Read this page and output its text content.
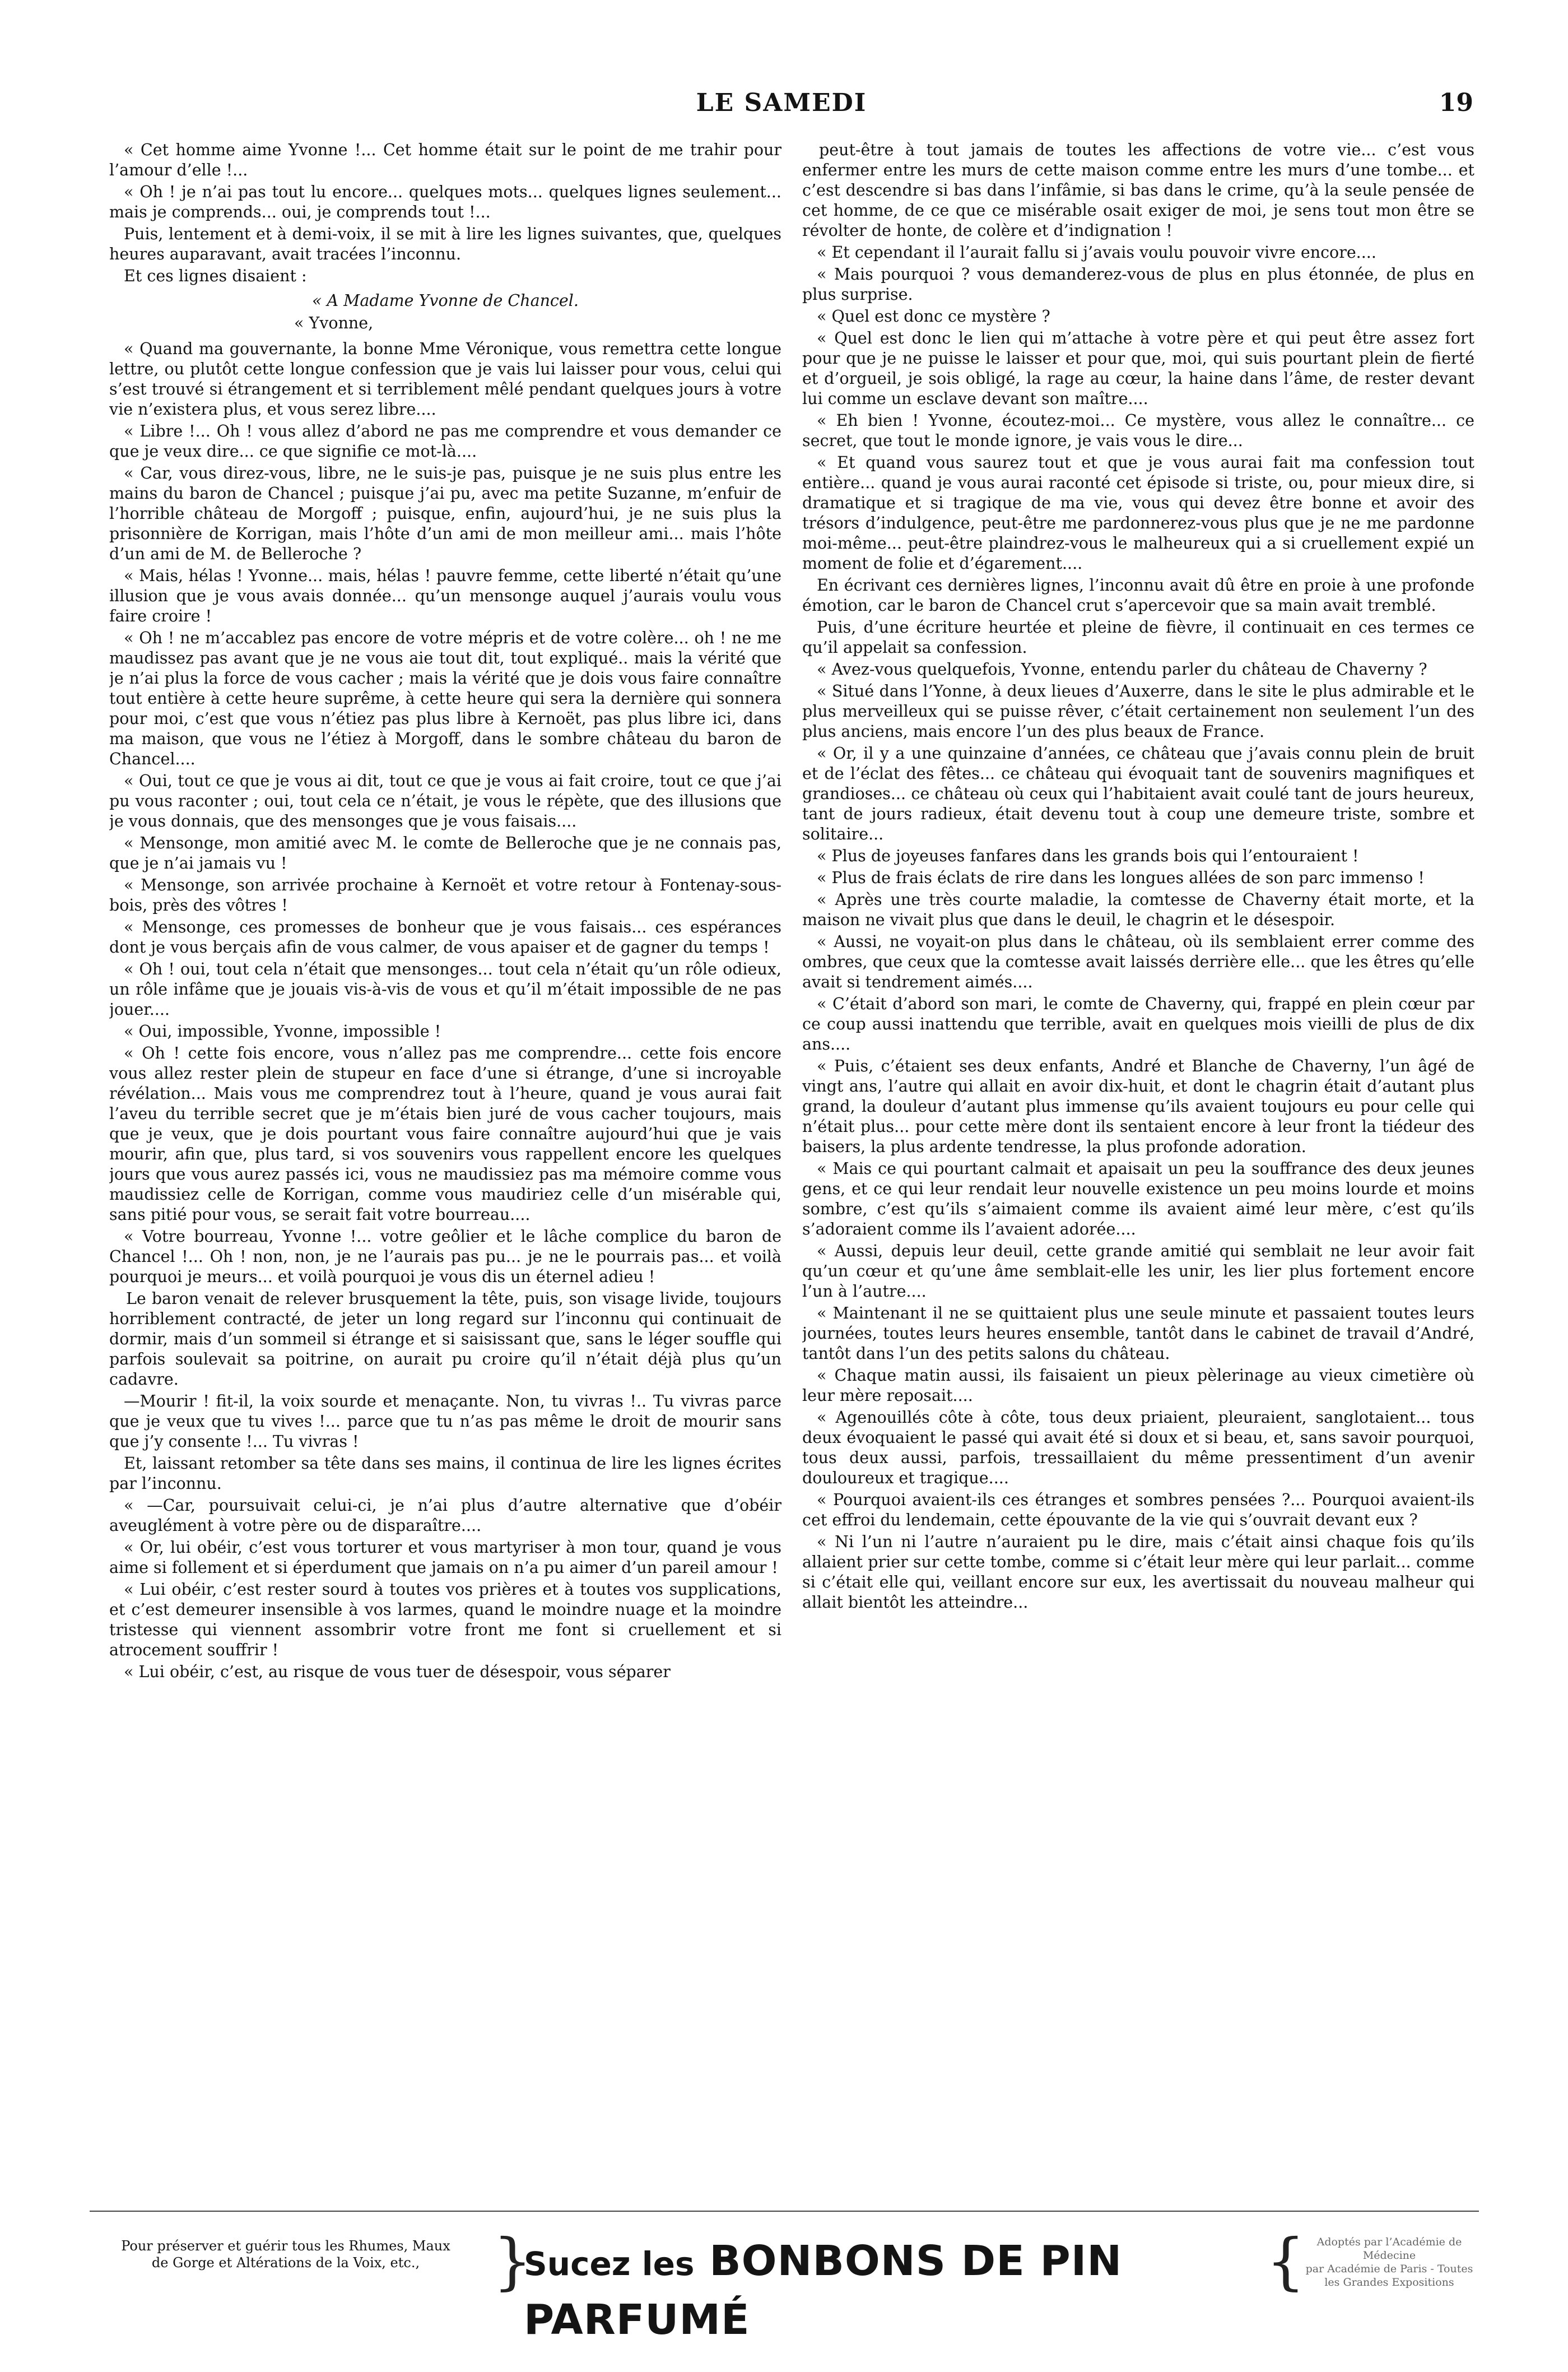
LE SAMEDI	19

« Cet homme aime Yvonne !... Cet homme était sur le point de me trahir pour l’amour d’elle !...

« Oh ! je n’ai pas tout lu encore... quelques mots... quelques lignes seulement... mais je comprends... oui, je comprends tout !...

Puis, lentement et à demi-voix, il se mit à lire les lignes suivantes, que, quelques heures auparavant, avait tracées l’inconnu.

Et ces lignes disaient :

« A Madame Yvonne de Chancel.

« Yvonne,

« Quand ma gouvernante, la bonne Mme Véronique, vous remettra cette longue lettre, ou plutôt cette longue confession que je vais lui laisser pour vous, celui qui s’est trouvé si étrangement et si terriblement mêlé pendant quelques jours à votre vie n’existera plus, et vous serez libre....

« Libre !... Oh ! vous allez d’abord ne pas me comprendre et vous demander ce que je veux dire... ce que signifie ce mot-là....

« Car, vous direz-vous, libre, ne le suis-je pas, puisque je ne suis plus entre les mains du baron de Chancel ; puisque j’ai pu, avec ma petite Suzanne, m’enfuir de l’horrible château de Morgoff ; puisque, enfin, aujourd’hui, je ne suis plus la prisonnière de Korrigan, mais l’hôte d’un ami de mon meilleur ami... mais l’hôte d’un ami de M. de Belleroche ?

« Mais, hélas ! Yvonne... mais, hélas ! pauvre femme, cette liberté n’était qu’une illusion que je vous avais donnée... qu’un mensonge auquel j’aurais voulu vous faire croire !

« Oh ! ne m’accablez pas encore de votre mépris et de votre colère... oh ! ne me maudissez pas avant que je ne vous aie tout dit, tout expliqué.. mais la vérité que je n’ai plus la force de vous cacher ; mais la vérité que je dois vous faire connaître tout entière à cette heure suprême, à cette heure qui sera la dernière qui sonnera pour moi, c’est que vous n’étiez pas plus libre à Kernoët, pas plus libre ici, dans ma maison, que vous ne l’étiez à Morgoff, dans le sombre château du baron de Chancel....

« Oui, tout ce que je vous ai dit, tout ce que je vous ai fait croire, tout ce que j’ai pu vous raconter ; oui, tout cela ce n’était, je vous le répète, que des illusions que je vous donnais, que des mensonges que je vous faisais....

« Mensonge, mon amitié avec M. le comte de Belleroche que je ne connais pas, que je n’ai jamais vu !

« Mensonge, son arrivée prochaine à Kernoët et votre retour à Fontenay-sous-bois, près des vôtres !

« Mensonge, ces promesses de bonheur que je vous faisais... ces espérances dont je vous berçais afin de vous calmer, de vous apaiser et de gagner du temps !

« Oh ! oui, tout cela n’était que mensonges... tout cela n’était qu’un rôle odieux, un rôle infâme que je jouais vis-à-vis de vous et qu’il m’était impossible de ne pas jouer....

« Oui, impossible, Yvonne, impossible !

« Oh ! cette fois encore, vous n’allez pas me comprendre... cette fois encore vous allez rester plein de stupeur en face d’une si étrange, d’une si incroyable révélation... Mais vous me comprendrez tout à l’heure, quand je vous aurai fait l’aveu du terrible secret que je m’étais bien juré de vous cacher toujours, mais que je veux, que je dois pourtant vous faire connaître aujourd’hui que je vais mourir, afin que, plus tard, si vos souvenirs vous rappellent encore les quelques jours que vous aurez passés ici, vous ne maudissiez pas ma mémoire comme vous maudissiez celle de Korrigan, comme vous maudiriez celle d’un misérable qui, sans pitié pour vous, se serait fait votre bourreau....

« Votre bourreau, Yvonne !... votre geôlier et le lâche complice du baron de Chancel !... Oh ! non, non, je ne l’aurais pas pu... je ne le pourrais pas... et voilà pourquoi je meurs... et voilà pourquoi je vous dis un éternel adieu !

Le baron venait de relever brusquement la tête, puis, son visage livide, toujours horriblement contracté, de jeter un long regard sur l’inconnu qui continuait de dormir, mais d’un sommeil si étrange et si saisissant que, sans le léger souffle qui parfois soulevait sa poitrine, on aurait pu croire qu’il n’était déjà plus qu’un cadavre.

—Mourir ! fit-il, la voix sourde et menaçante. Non, tu vivras !.. Tu vivras parce que je veux que tu vives !... parce que tu n’as pas même le droit de mourir sans que j’y consente !... Tu vivras !

Et, laissant retomber sa tête dans ses mains, il continua de lire les lignes écrites par l’inconnu.

« —Car, poursuivait celui-ci, je n’ai plus d’autre alternative que d’obéir aveuglément à votre père ou de disparaître....

« Or, lui obéir, c’est vous torturer et vous martyriser à mon tour, quand je vous aime si follement et si éperdument que jamais on n’a pu aimer d’un pareil amour !

« Lui obéir, c’est rester sourd à toutes vos prières et à toutes vos supplications, et c’est demeurer insensible à vos larmes, quand le moindre nuage et la moindre tristesse qui viennent assombrir votre front me font si cruellement et si atrocement souffrir !

« Lui obéir, c’est, au risque de vous tuer de désespoir, vous séparer

peut-être à tout jamais de toutes les affections de votre vie... c’est vous enfermer entre les murs de cette maison comme entre les murs d’une tombe... et c’est descendre si bas dans l’infâmie, si bas dans le crime, qu’à la seule pensée de cet homme, de ce que ce misérable osait exiger de moi, je sens tout mon être se révolter de honte, de colère et d’indignation !

« Et cependant il l’aurait fallu si j’avais voulu pouvoir vivre encore....

« Mais pourquoi ? vous demanderez-vous de plus en plus étonnée, de plus en plus surprise.

« Quel est donc ce mystère ?

« Quel est donc le lien qui m’attache à votre père et qui peut être assez fort pour que je ne puisse le laisser et pour que, moi, qui suis pourtant plein de fierté et d’orgueil, je sois obligé, la rage au cœur, la haine dans l’âme, de rester devant lui comme un esclave devant son maître....

« Eh bien ! Yvonne, écoutez-moi... Ce mystère, vous allez le connaître... ce secret, que tout le monde ignore, je vais vous le dire...

« Et quand vous saurez tout et que je vous aurai fait ma confession tout entière... quand je vous aurai raconté cet épisode si triste, ou, pour mieux dire, si dramatique et si tragique de ma vie, vous qui devez être bonne et avoir des trésors d’indulgence, peut-être me pardonnerez-vous plus que je ne me pardonne moi-même... peut-être plaindrez-vous le malheureux qui a si cruellement expié un moment de folie et d’égarement....

En écrivant ces dernières lignes, l’inconnu avait dû être en proie à une profonde émotion, car le baron de Chancel crut s’apercevoir que sa main avait tremblé.

Puis, d’une écriture heurtée et pleine de fièvre, il continuait en ces termes ce qu’il appelait sa confession.

« Avez-vous quelquefois, Yvonne, entendu parler du château de Chaverny ?

« Situé dans l’Yonne, à deux lieues d’Auxerre, dans le site le plus admirable et le plus merveilleux qui se puisse rêver, c’était certainement non seulement l’un des plus anciens, mais encore l’un des plus beaux de France.

« Or, il y a une quinzaine d’années, ce château que j’avais connu plein de bruit et de l’éclat des fêtes... ce château qui évoquait tant de souvenirs magnifiques et grandioses... ce château où ceux qui l’habitaient avait coulé tant de jours heureux, tant de jours radieux, était devenu tout à coup une demeure triste, sombre et solitaire...

« Plus de joyeuses fanfares dans les grands bois qui l’entouraient !

« Plus de frais éclats de rire dans les longues allées de son parc immenso !

« Après une très courte maladie, la comtesse de Chaverny était morte, et la maison ne vivait plus que dans le deuil, le chagrin et le désespoir.

« Aussi, ne voyait-on plus dans le château, où ils semblaient errer comme des ombres, que ceux que la comtesse avait laissés derrière elle... que les êtres qu’elle avait si tendrement aimés....

« C’était d’abord son mari, le comte de Chaverny, qui, frappé en plein cœur par ce coup aussi inattendu que terrible, avait en quelques mois vieilli de plus de dix ans....

« Puis, c’étaient ses deux enfants, André et Blanche de Chaverny, l’un âgé de vingt ans, l’autre qui allait en avoir dix-huit, et dont le chagrin était d’autant plus grand, la douleur d’autant plus immense qu’ils avaient toujours eu pour celle qui n’était plus... pour cette mère dont ils sentaient encore à leur front la tiédeur des baisers, la plus ardente tendresse, la plus profonde adoration.

« Mais ce qui pourtant calmait et apaisait un peu la souffrance des deux jeunes gens, et ce qui leur rendait leur nouvelle existence un peu moins lourde et moins sombre, c’est qu’ils s’aimaient comme ils avaient aimé leur mère, c’est qu’ils s’adoraient comme ils l’avaient adorée....

« Aussi, depuis leur deuil, cette grande amitié qui semblait ne leur avoir fait qu’un cœur et qu’une âme semblait-elle les unir, les lier plus fortement encore l’un à l’autre....

« Maintenant il ne se quittaient plus une seule minute et passaient toutes leurs journées, toutes leurs heures ensemble, tantôt dans le cabinet de travail d’André, tantôt dans l’un des petits salons du château.

« Chaque matin aussi, ils faisaient un pieux pèlerinage au vieux cimetière où leur mère reposait....

« Agenouillés côte à côte, tous deux priaient, pleuraient, sanglotaient... tous deux évoquaient le passé qui avait été si doux et si beau, et, sans savoir pourquoi, tous deux aussi, parfois, tressaillaient du même pressentiment d’un avenir douloureux et tragique....

« Pourquoi avaient-ils ces étranges et sombres pensées ?... Pourquoi avaient-ils cet effroi du lendemain, cette épouvante de la vie qui s’ouvrait devant eux ?

« Ni l’un ni l’autre n’auraient pu le dire, mais c’était ainsi chaque fois qu’ils allaient prier sur cette tombe, comme si c’était leur mère qui leur parlait... comme si c’était elle qui, veillant encore sur eux, les avertissait du nouveau malheur qui allait bientôt les atteindre...

Pour préserver et guérir tous les Rhumes, Maux
de Gorge et Altérations de la Voix, etc.,	}
Sucez les BONBONS DE PIN PARFUMÉ
{	Adoptés par l’Académie de Médecine
par Académie de Paris - Toutes
les Grandes Expositions
